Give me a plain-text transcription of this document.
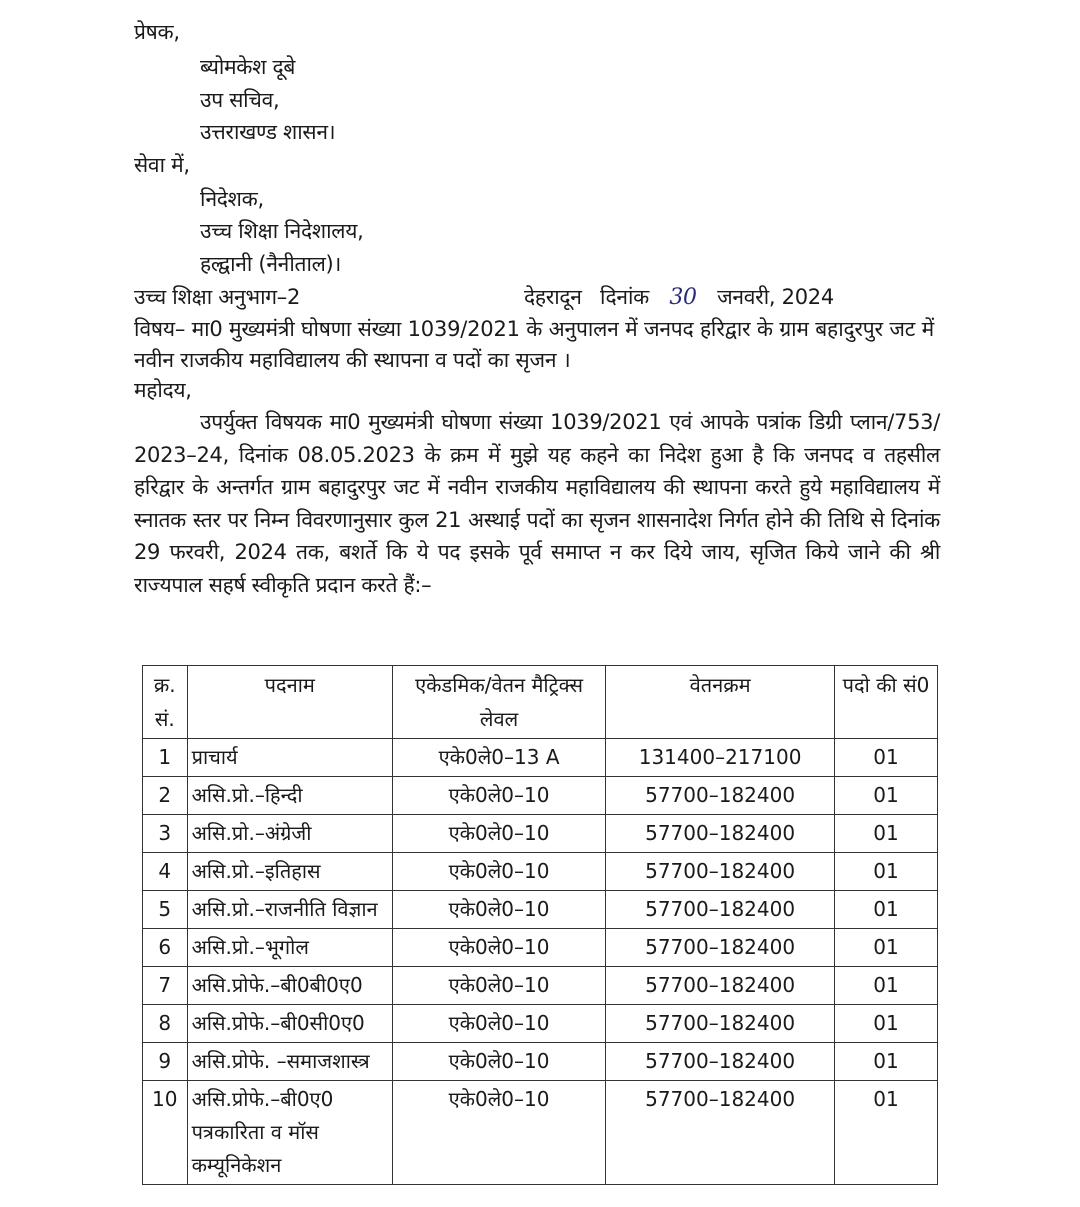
प्रेषक,
ब्योमकेश दूबे
उप सचिव,
उत्तराखण्ड शासन।
सेवा में,
निदेशक,
उच्च शिक्षा निदेशालय,
हल्द्वानी (नैनीताल)।
उच्च शिक्षा अनुभाग–2	देहरादून दिनांक 30 जनवरी, 2024
विषय– मा0 मुख्यमंत्री घोषणा संख्या 1039/2021 के अनुपालन में जनपद हरिद्वार के ग्राम बहादुरपुर जट में नवीन राजकीय महाविद्यालय की स्थापना व पदों का सृजन ।
महोदय,

उपर्युक्त विषयक मा0 मुख्यमंत्री घोषणा संख्या 1039/2021 एवं आपके पत्रांक डिग्री प्लान/753/ 2023–24, दिनांक 08.05.2023 के क्रम में मुझे यह कहने का निदेश हुआ है कि जनपद व तहसील हरिद्वार के अन्तर्गत ग्राम बहादुरपुर जट में नवीन राजकीय महाविद्यालय की स्थापना करते हुये महाविद्यालय में स्नातक स्तर पर निम्न विवरणानुसार कुल 21 अस्थाई पदों का सृजन शासनादेश निर्गत होने की तिथि से दिनांक 29 फरवरी, 2024 तक, बशर्ते कि ये पद इसके पूर्व समाप्त न कर दिये जाय, सृजित किये जाने की श्री राज्यपाल सहर्ष स्वीकृति प्रदान करते हैं:–

क्र. सं.	पदनाम	एकेडमिक/वेतन मैट्रिक्स लेवल	वेतनक्रम	पदो की सं0
1	प्राचार्य	एके0ले0–13 A	131400–217100	01
2	असि.प्रो.–हिन्दी	एके0ले0–10	57700–182400	01
3	असि.प्रो.–अंग्रेजी	एके0ले0–10	57700–182400	01
4	असि.प्रो.–इतिहास	एके0ले0–10	57700–182400	01
5	असि.प्रो.–राजनीति विज्ञान	एके0ले0–10	57700–182400	01
6	असि.प्रो.–भूगोल	एके0ले0–10	57700–182400	01
7	असि.प्रोफे.–बी0बी0ए0	एके0ले0–10	57700–182400	01
8	असि.प्रोफे.–बी0सी0ए0	एके0ले0–10	57700–182400	01
9	असि.प्रोफे. –समाजशास्त्र	एके0ले0–10	57700–182400	01
10	असि.प्रोफे.–बी0ए0 पत्रकारिता व मॉस कम्यूनिकेशन	एके0ले0–10	57700–182400	01
